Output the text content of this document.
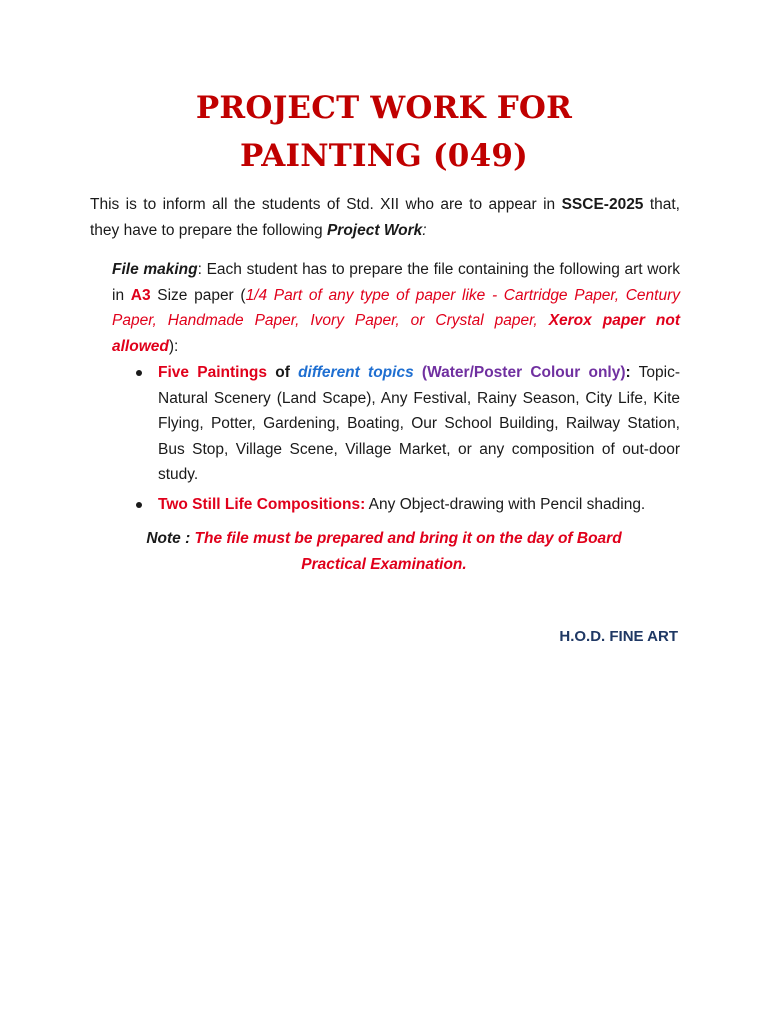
PROJECT WORK FOR
PAINTING (049)
This is to inform all the students of Std. XII who are to appear in SSCE-2025 that, they have to prepare the following Project Work:
File making: Each student has to prepare the file containing the following art work in A3 Size paper (1/4 Part of any type of paper like - Cartridge Paper, Century Paper, Handmade Paper, Ivory Paper, or Crystal paper, Xerox paper not allowed):
Five Paintings of different topics (Water/Poster Colour only): Topic-Natural Scenery (Land Scape), Any Festival, Rainy Season, City Life, Kite Flying, Potter, Gardening, Boating, Our School Building, Railway Station, Bus Stop, Village Scene, Village Market, or any composition of out-door study.
Two Still Life Compositions: Any Object-drawing with Pencil shading.
Note : The file must be prepared and bring it on the day of Board Practical Examination.
H.O.D. FINE ART
